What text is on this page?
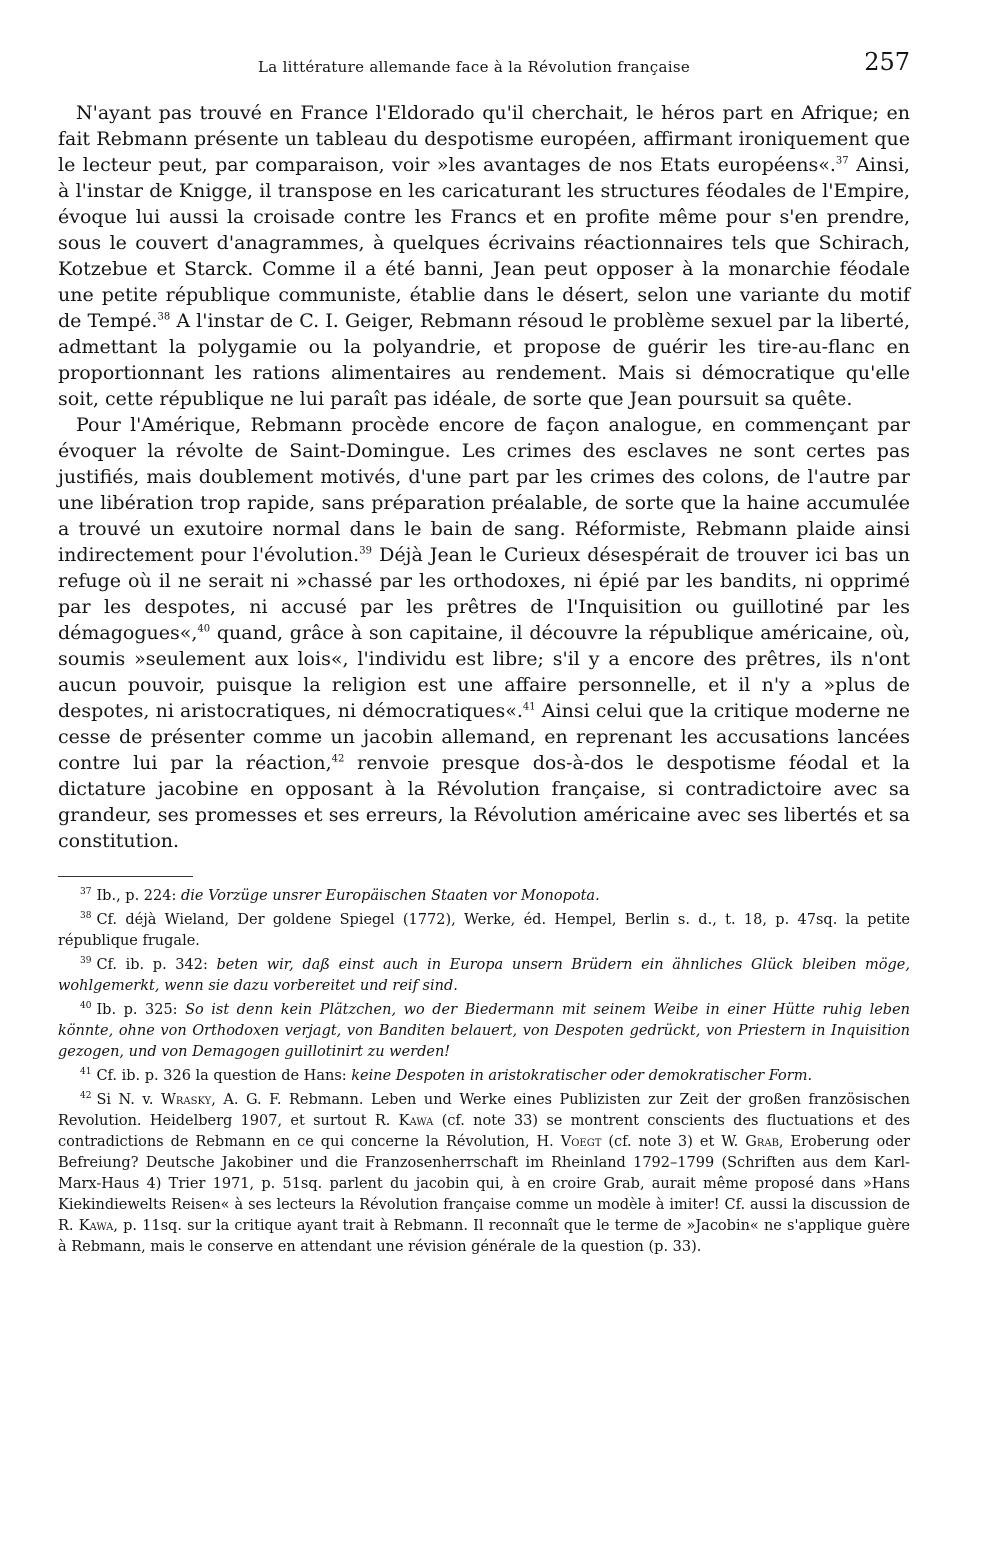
La littérature allemande face à la Révolution française	257

N'ayant pas trouvé en France l'Eldorado qu'il cherchait, le héros part en Afrique; en fait Rebmann présente un tableau du despotisme européen, affirmant ironiquement que le lecteur peut, par comparaison, voir »les avantages de nos Etats européens«.$^{37}$ Ainsi, à l'instar de Knigge, il transpose en les caricaturant les structures féodales de l'Empire, évoque lui aussi la croisade contre les Francs et en profite même pour s'en prendre, sous le couvert d'anagrammes, à quelques écrivains réactionnaires tels que Schirach, Kotzebue et Starck. Comme il a été banni, Jean peut opposer à la monarchie féodale une petite république communiste, établie dans le désert, selon une variante du motif de Tempé.$^{38}$ A l'instar de C. I. Geiger, Rebmann résoud le problème sexuel par la liberté, admettant la polygamie ou la polyandrie, et propose de guérir les tire-au-flanc en proportionnant les rations alimentaires au rendement. Mais si démocratique qu'elle soit, cette république ne lui paraît pas idéale, de sorte que Jean poursuit sa quête.

Pour l'Amérique, Rebmann procède encore de façon analogue, en commençant par évoquer la révolte de Saint-Domingue. Les crimes des esclaves ne sont certes pas justifiés, mais doublement motivés, d'une part par les crimes des colons, de l'autre par une libération trop rapide, sans préparation préalable, de sorte que la haine accumulée a trouvé un exutoire normal dans le bain de sang. Réformiste, Rebmann plaide ainsi indirectement pour l'évolution.$^{39}$ Déjà Jean le Curieux désespérait de trouver ici bas un refuge où il ne serait ni »chassé par les orthodoxes, ni épié par les bandits, ni opprimé par les despotes, ni accusé par les prêtres de l'Inquisition ou guillotiné par les démagogues«,$^{40}$ quand, grâce à son capitaine, il découvre la république américaine, où, soumis »seulement aux lois«, l'individu est libre; s'il y a encore des prêtres, ils n'ont aucun pouvoir, puisque la religion est une affaire personnelle, et il n'y a »plus de despotes, ni aristocratiques, ni démocratiques«.$^{41}$ Ainsi celui que la critique moderne ne cesse de présenter comme un jacobin allemand, en reprenant les accusations lancées contre lui par la réaction,$^{42}$ renvoie presque dos-à-dos le despotisme féodal et la dictature jacobine en opposant à la Révolution française, si contradictoire avec sa grandeur, ses promesses et ses erreurs, la Révolution américaine avec ses libertés et sa constitution.

$^{37}$ Ib., p. 224: die Vorzüge unsrer Europäischen Staaten vor Monopota.

$^{38}$ Cf. déjà Wieland, Der goldene Spiegel (1772), Werke, éd. Hempel, Berlin s. d., t. 18, p. 47sq. la petite république frugale.

$^{39}$ Cf. ib. p. 342: beten wir, daß einst auch in Europa unsern Brüdern ein ähnliches Glück bleiben möge, wohlgemerkt, wenn sie dazu vorbereitet und reif sind.

$^{40}$ Ib. p. 325: So ist denn kein Plätzchen, wo der Biedermann mit seinem Weibe in einer Hütte ruhig leben könnte, ohne von Orthodoxen verjagt, von Banditen belauert, von Despoten gedrückt, von Priestern in Inquisition gezogen, und von Demagogen guillotinirt zu werden!

$^{41}$ Cf. ib. p. 326 la question de Hans: keine Despoten in aristokratischer oder demokratischer Form.

$^{42}$ Si N. v. Wrasky, A. G. F. Rebmann. Leben und Werke eines Publizisten zur Zeit der großen französischen Revolution. Heidelberg 1907, et surtout R. Kawa (cf. note 33) se montrent conscients des fluctuations et des contradictions de Rebmann en ce qui concerne la Révolution, H. Voegt (cf. note 3) et W. Grab, Eroberung oder Befreiung? Deutsche Jakobiner und die Franzosenherrschaft im Rheinland 1792–1799 (Schriften aus dem Karl-Marx-Haus 4) Trier 1971, p. 51sq. parlent du jacobin qui, à en croire Grab, aurait même proposé dans »Hans Kiekindiewelts Reisen« à ses lecteurs la Révolution française comme un modèle à imiter! Cf. aussi la discussion de R. Kawa, p. 11sq. sur la critique ayant trait à Rebmann. Il reconnaît que le terme de »Jacobin« ne s'applique guère à Rebmann, mais le conserve en attendant une révision générale de la question (p. 33).
